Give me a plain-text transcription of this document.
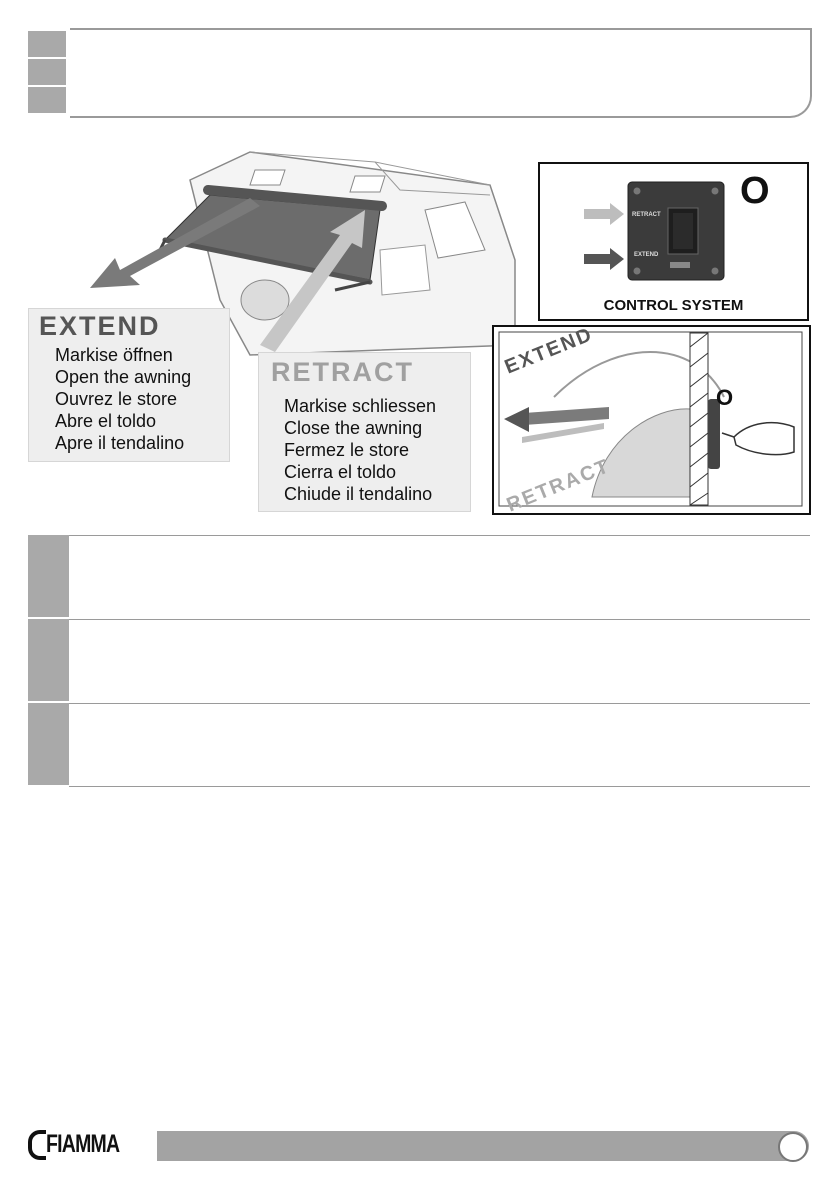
EXTEND
Markise öffnen
Open the awning
Ouvrez le store
Abre el toldo
Apre il tendalino
RETRACT
Markise schliessen
Close the awning
Fermez le store
Cierra el toldo
Chiude il tendalino
RETRACT
EXTEND
O
CONTROL SYSTEM
EXTEND
RETRACT
O
FIAMMA
